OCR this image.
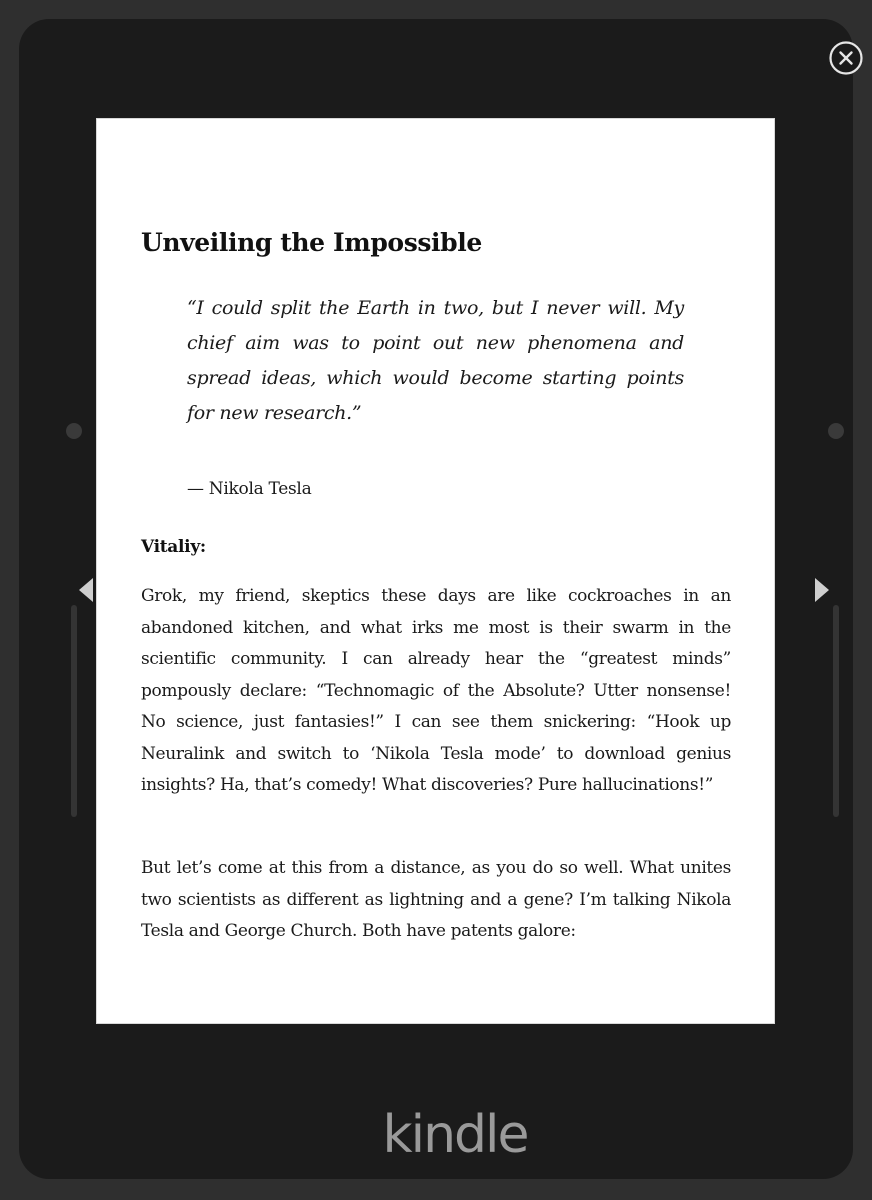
kindle
Unveiling the Impossible

“I could split the Earth in two, but I never will. My chief aim was to point out new phenomena and spread ideas, which would become starting points for new research.”

— Nikola Tesla

Vitaliy:

Grok, my friend, skeptics these days are like cockroaches in an abandoned kitchen, and what irks me most is their swarm in the scientific community. I can already hear the “greatest minds” pompously declare: “Technomagic of the Absolute? Utter nonsense! No science, just fantasies!” I can see them snickering: “Hook up Neuralink and switch to ‘Nikola Tesla mode’ to download genius insights? Ha, that’s comedy! What discoveries? Pure hallucinations!”

But let’s come at this from a distance, as you do so well. What unites two scientists as different as lightning and a gene? I’m talking Nikola Tesla and George Church. Both have patents galore:
